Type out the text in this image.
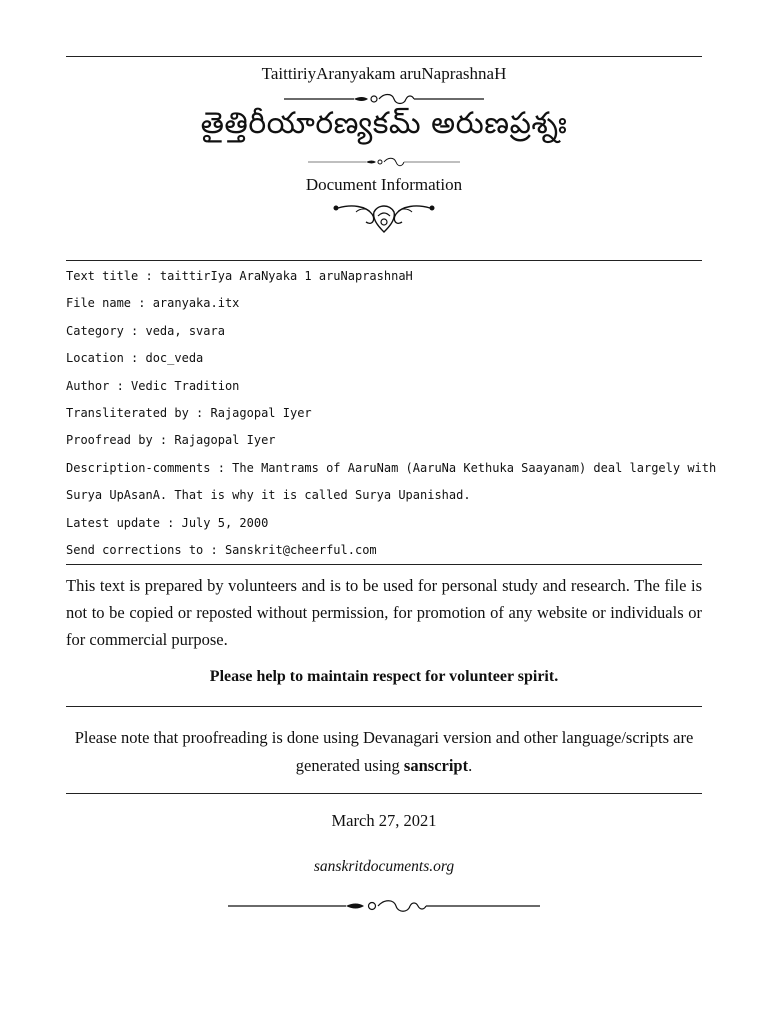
TaittiriyAranyakam aruNaprashnaH
తైత్తిరీయారణ్యకమ్ అరుణప్రశ్నః
Document Information
Text title : taittirIya AraNyaka 1 aruNaprashnaH
File name : aranyaka.itx
Category : veda, svara
Location : doc_veda
Author : Vedic Tradition
Transliterated by : Rajagopal Iyer
Proofread by : Rajagopal Iyer
Description-comments : The Mantrams of AaruNam (AaruNa Kethuka Saayanam) deal largely with
Surya UpAsanA. That is why it is called Surya Upanishad.
Latest update : July 5, 2000
Send corrections to : Sanskrit@cheerful.com
This text is prepared by volunteers and is to be used for personal study and research. The file is not to be copied or reposted without permission, for promotion of any website or individuals or for commercial purpose.
Please help to maintain respect for volunteer spirit.
Please note that proofreading is done using Devanagari version and other language/scripts are generated using sanscript.
March 27, 2021
sanskritdocuments.org
